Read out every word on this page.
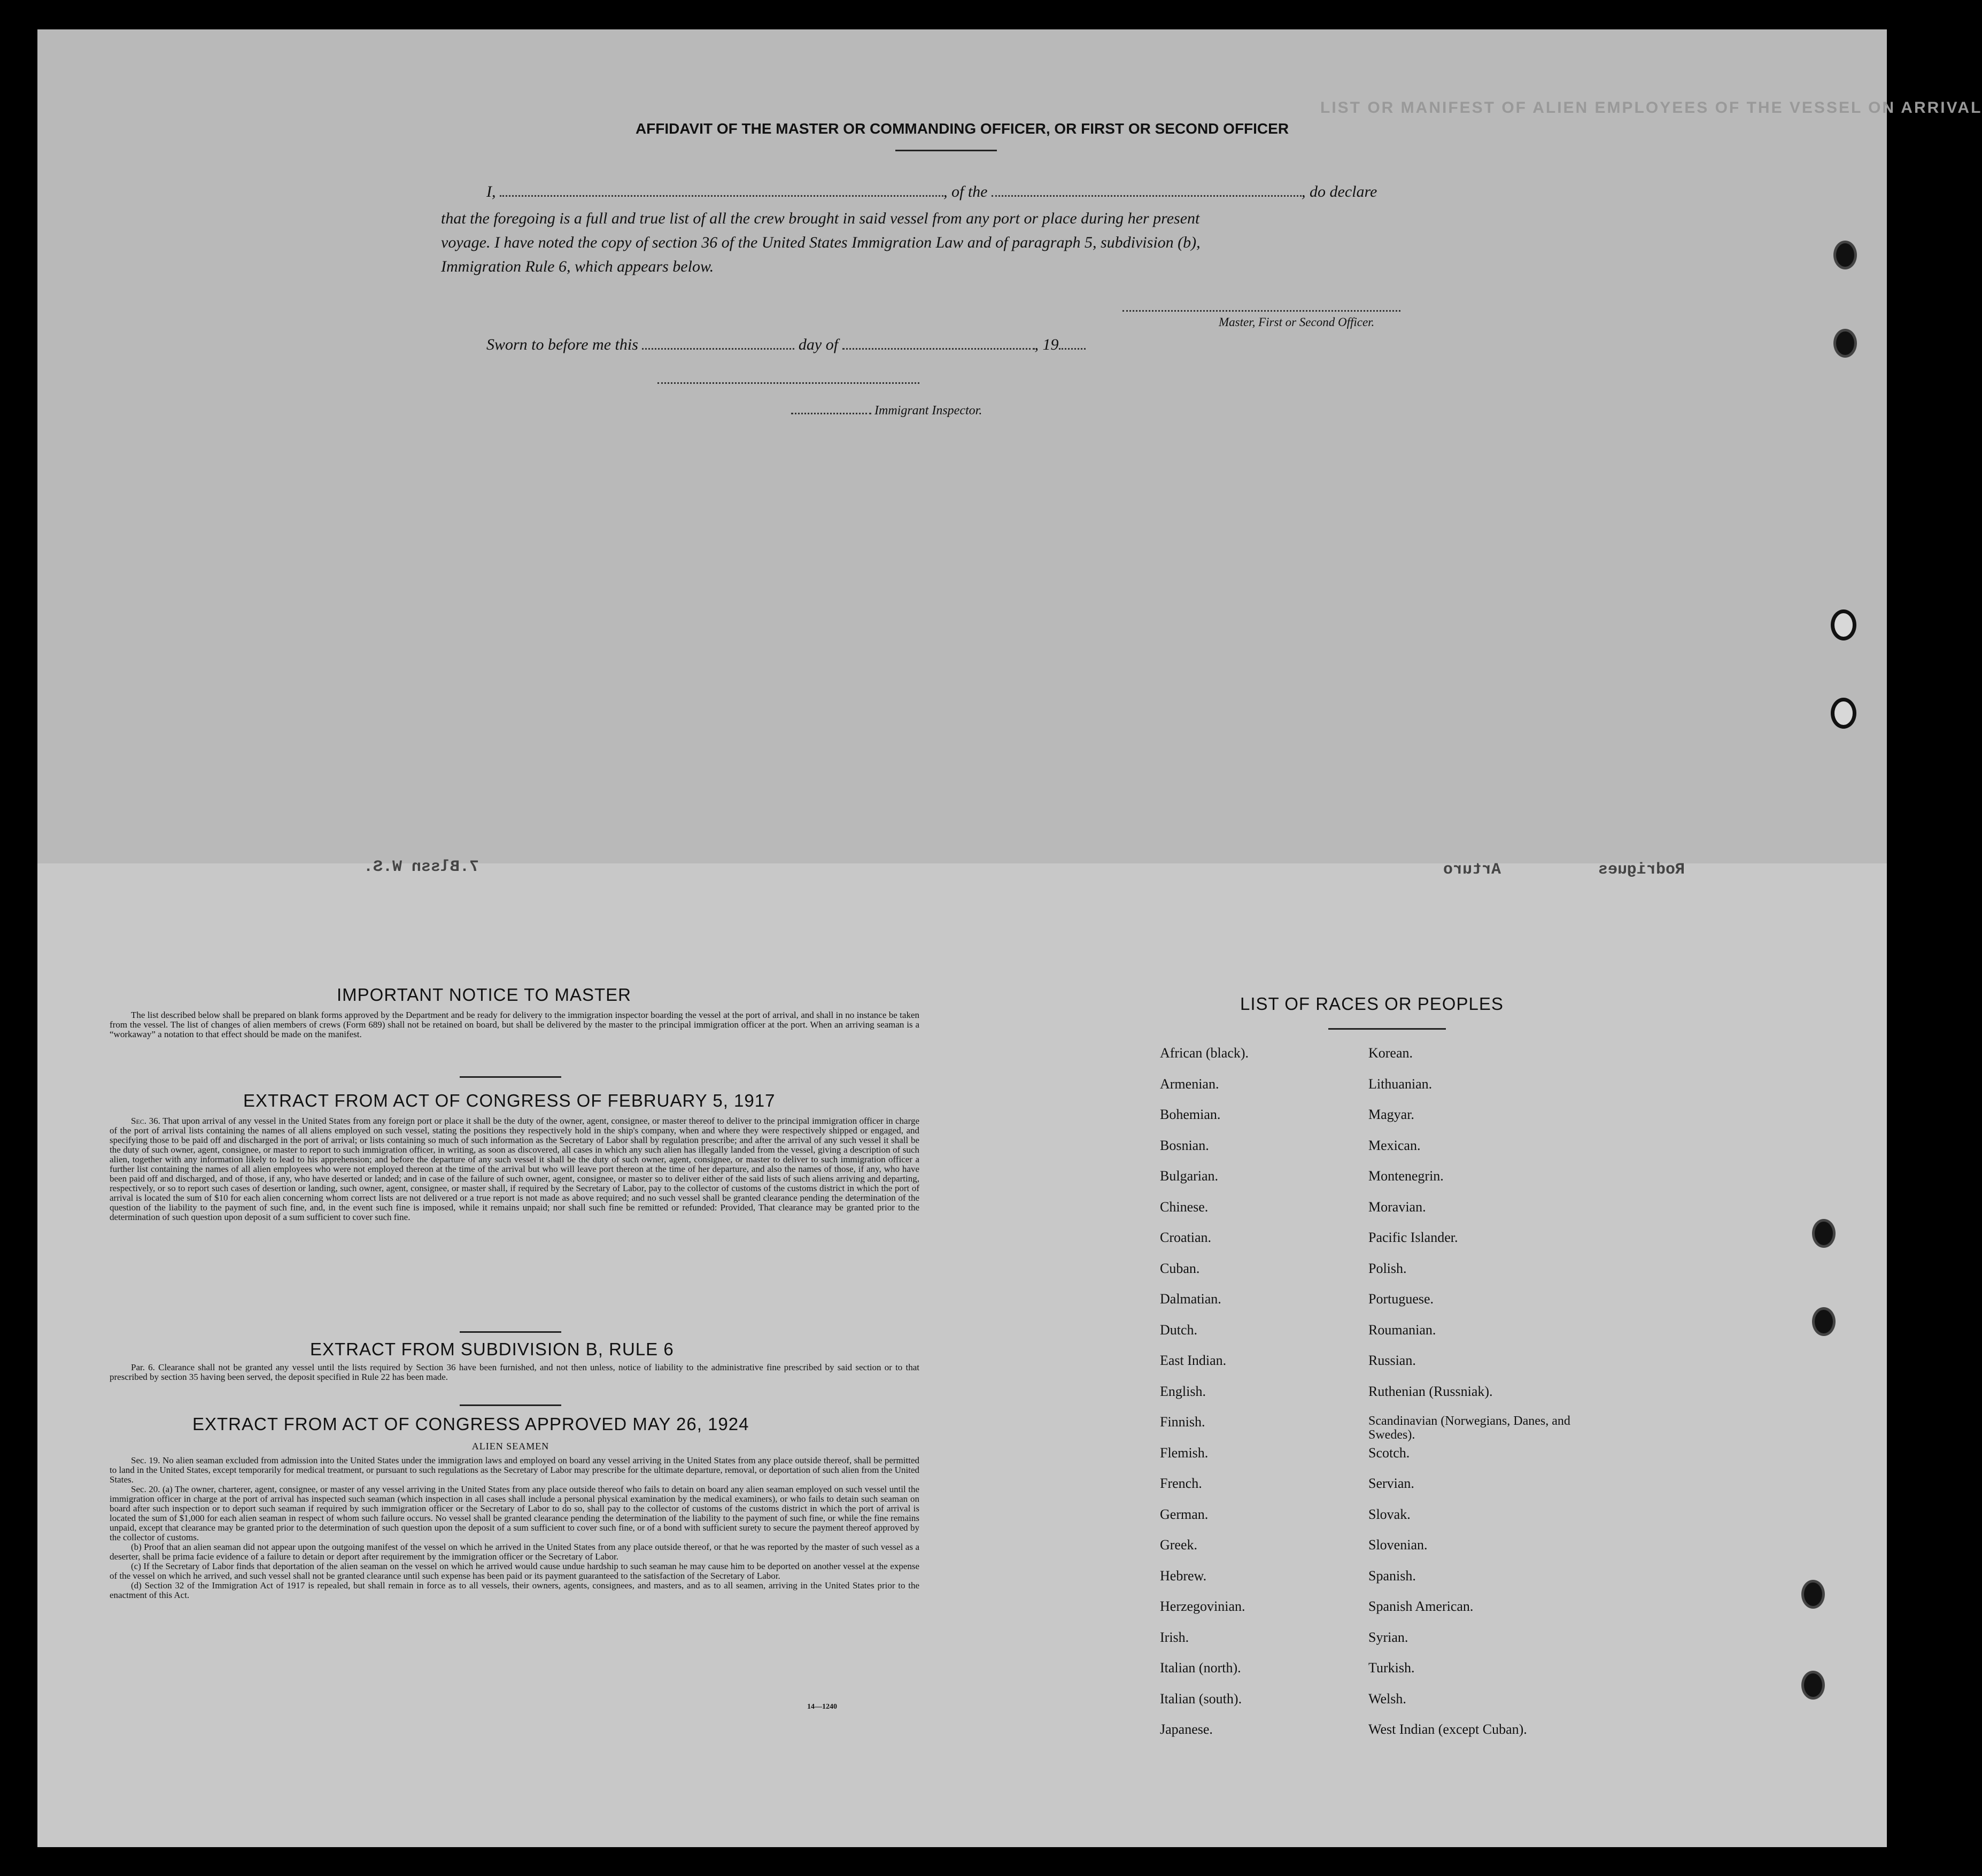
LIST OR MANIFEST OF ALIEN EMPLOYEES OF THE VESSEL ON ARRIVAL
7.Blssn W.S.	Rodrigues
Arturo
AFFIDAVIT OF THE MASTER OR COMMANDING OFFICER, OR FIRST OR SECOND OFFICER
I,	, of the	, do declare
that the foregoing is a full and true list of all the crew brought in said vessel from any port or place during her present
voyage. I have noted the copy of section 36 of the United States Immigration Law and of paragraph 5, subdivision (b),
Immigration Rule 6, which appears below.
Master, First or Second Officer.
Sworn to before me this	day of	, 19
Immigrant Inspector.
IMPORTANT NOTICE TO MASTER

The list described below shall be prepared on blank forms approved by the Department and be ready for delivery to the immigration inspector boarding the vessel at the port of arrival, and shall in no instance be taken from the vessel. The list of changes of alien members of crews (Form 689) shall not be retained on board, but shall be delivered by the master to the principal immigration officer at the port. When an arriving seaman is a “workaway” a notation to that effect should be made on the manifest.

EXTRACT FROM ACT OF CONGRESS OF FEBRUARY 5, 1917

Sec. 36. That upon arrival of any vessel in the United States from any foreign port or place it shall be the duty of the owner, agent, consignee, or master thereof to deliver to the principal immigration officer in charge of the port of arrival lists containing the names of all aliens employed on such vessel, stating the positions they respectively hold in the ship's company, when and where they were respectively shipped or engaged, and specifying those to be paid off and discharged in the port of arrival; or lists containing so much of such information as the Secretary of Labor shall by regulation prescribe; and after the arrival of any such vessel it shall be the duty of such owner, agent, consignee, or master to report to such immigration officer, in writing, as soon as discovered, all cases in which any such alien has illegally landed from the vessel, giving a description of such alien, together with any information likely to lead to his apprehension; and before the departure of any such vessel it shall be the duty of such owner, agent, consignee, or master to deliver to such immigration officer a further list containing the names of all alien employees who were not employed thereon at the time of the arrival but who will leave port thereon at the time of her departure, and also the names of those, if any, who have been paid off and discharged, and of those, if any, who have deserted or landed; and in case of the failure of such owner, agent, consignee, or master so to deliver either of the said lists of such aliens arriving and departing, respectively, or so to report such cases of desertion or landing, such owner, agent, consignee, or master shall, if required by the Secretary of Labor, pay to the collector of customs of the customs district in which the port of arrival is located the sum of $10 for each alien concerning whom correct lists are not delivered or a true report is not made as above required; and no such vessel shall be granted clearance pending the determination of the question of the liability to the payment of such fine, and, in the event such fine is imposed, while it remains unpaid; nor shall such fine be remitted or refunded: Provided, That clearance may be granted prior to the determination of such question upon deposit of a sum sufficient to cover such fine.

EXTRACT FROM SUBDIVISION B, RULE 6

Par. 6. Clearance shall not be granted any vessel until the lists required by Section 36 have been furnished, and not then unless, notice of liability to the administrative fine prescribed by said section or to that prescribed by section 35 having been served, the deposit specified in Rule 22 has been made.

EXTRACT FROM ACT OF CONGRESS APPROVED MAY 26, 1924
ALIEN SEAMEN

Sec. 19. No alien seaman excluded from admission into the United States under the immigration laws and employed on board any vessel arriving in the United States from any place outside thereof, shall be permitted to land in the United States, except temporarily for medical treatment, or pursuant to such regulations as the Secretary of Labor may prescribe for the ultimate departure, removal, or deportation of such alien from the United States.

Sec. 20. (a) The owner, charterer, agent, consignee, or master of any vessel arriving in the United States from any place outside thereof who fails to detain on board any alien seaman employed on such vessel until the immigration officer in charge at the port of arrival has inspected such seaman (which inspection in all cases shall include a personal physical examination by the medical examiners), or who fails to detain such seaman on board after such inspection or to deport such seaman if required by such immigration officer or the Secretary of Labor to do so, shall pay to the collector of customs of the customs district in which the port of arrival is located the sum of $1,000 for each alien seaman in respect of whom such failure occurs. No vessel shall be granted clearance pending the determination of the liability to the payment of such fine, or while the fine remains unpaid, except that clearance may be granted prior to the determination of such question upon the deposit of a sum sufficient to cover such fine, or of a bond with sufficient surety to secure the payment thereof approved by the collector of customs.

(b) Proof that an alien seaman did not appear upon the outgoing manifest of the vessel on which he arrived in the United States from any place outside thereof, or that he was reported by the master of such vessel as a deserter, shall be prima facie evidence of a failure to detain or deport after requirement by the immigration officer or the Secretary of Labor.

(c) If the Secretary of Labor finds that deportation of the alien seaman on the vessel on which he arrived would cause undue hardship to such seaman he may cause him to be deported on another vessel at the expense of the vessel on which he arrived, and such vessel shall not be granted clearance until such expense has been paid or its payment guaranteed to the satisfaction of the Secretary of Labor.

(d) Section 32 of the Immigration Act of 1917 is repealed, but shall remain in force as to all vessels, their owners, agents, consignees, and masters, and as to all seamen, arriving in the United States prior to the enactment of this Act.

14—1240
LIST OF RACES OR PEOPLES
African (black).	Korean.
Armenian.	Lithuanian.
Bohemian.	Magyar.
Bosnian.	Mexican.
Bulgarian.	Montenegrin.
Chinese.	Moravian.
Croatian.	Pacific Islander.
Cuban.	Polish.
Dalmatian.	Portuguese.
Dutch.	Roumanian.
East Indian.	Russian.
English.	Ruthenian (Russniak).
Finnish.	Scandinavian (Norwegians, Danes, and Swedes).
Flemish.	Scotch.
French.	Servian.
German.	Slovak.
Greek.	Slovenian.
Hebrew.	Spanish.
Herzegovinian.	Spanish American.
Irish.	Syrian.
Italian (north).	Turkish.
Italian (south).	Welsh.
Japanese.	West Indian (except Cuban).
